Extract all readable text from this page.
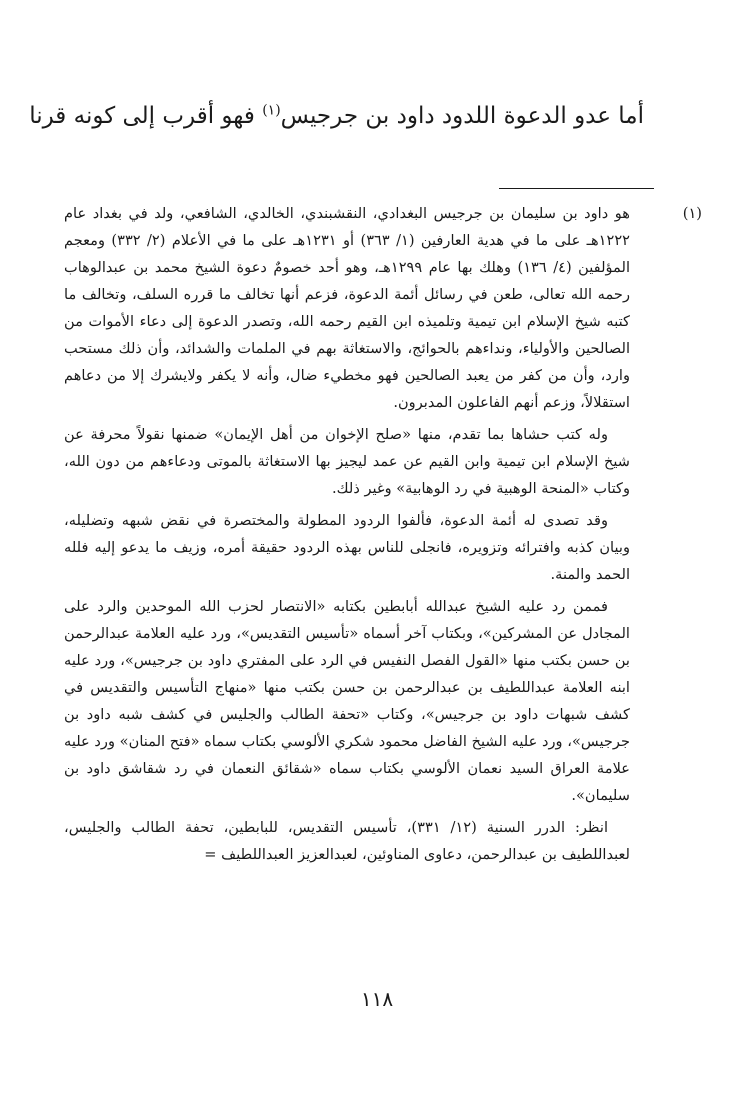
أما عدو الدعوة اللدود داود بن جرجيس$^{(١)}$ فهو أقرب إلى كونه قرنا
(١)

هو داود بن سليمان بن جرجيس البغدادي، النقشبندي، الخالدي، الشافعي، ولد في بغداد عام ١٢٢٢هـ على ما في هدية العارفين (١/ ٣٦٣) أو ١٢٣١هـ على ما في الأعلام (٢/ ٣٣٢) ومعجم المؤلفين (٤/ ١٣٦) وهلك بها عام ١٢٩٩هـ، وهو أحد خصومٌ دعوة الشيخ محمد بن عبدالوهاب رحمه الله تعالى، طعن في رسائل أئمة الدعوة، فزعم أنها تخالف ما قرره السلف، وتخالف ما كتبه شيخ الإسلام ابن تيمية وتلميذه ابن القيم رحمه الله، وتصدر الدعوة إلى دعاء الأموات من الصالحين والأولياء، ونداءهم بالحوائج، والاستغاثة بهم في الملمات والشدائد، وأن ذلك مستحب وارد، وأن من كفر من يعبد الصالحين فهو مخطيء ضال، وأنه لا يكفر ولايشرك إلا من دعاهم استقلالاً، وزعم أنهم الفاعلون المدبرون.

وله كتب حشاها بما تقدم، منها «صلح الإخوان من أهل الإيمان» ضمنها نقولاً محرفة عن شيخ الإسلام ابن تيمية وابن القيم عن عمد ليجيز بها الاستغاثة بالموتى ودعاءهم من دون الله، وكتاب «المنحة الوهبية في رد الوهابية» وغير ذلك.

وقد تصدى له أئمة الدعوة، فألفوا الردود المطولة والمختصرة في نقض شبهه وتضليله، وبيان كذبه وافترائه وتزويره، فانجلى للناس بهذه الردود حقيقة أمره، وزيف ما يدعو إليه فلله الحمد والمنة.

فممن رد عليه الشيخ عبدالله أبابطين بكتابه «الانتصار لحزب الله الموحدين والرد على المجادل عن المشركين»، وبكتاب آخر أسماه «تأسيس التقديس»، ورد عليه العلامة عبدالرحمن بن حسن بكتب منها «القول الفصل النفيس في الرد على المفتري داود بن جرجيس»، ورد عليه ابنه العلامة عبداللطيف بن عبدالرحمن بن حسن بكتب منها «منهاج التأسيس والتقديس في كشف شبهات داود بن جرجيس»، وكتاب «تحفة الطالب والجليس في كشف شبه داود بن جرجيس»، ورد عليه الشيخ الفاضل محمود شكري الألوسي بكتاب سماه «فتح المنان» ورد عليه علامة العراق السيد نعمان الألوسي بكتاب سماه «شقائق النعمان في رد شقاشق داود بن سليمان».

انظر: الدرر السنية (١٢/ ٣٣١)، تأسيس التقديس، للبابطين، تحفة الطالب والجليس، لعبداللطيف بن عبدالرحمن، دعاوى المناوئين، لعبدالعزيز العبداللطيف =

١١٨
